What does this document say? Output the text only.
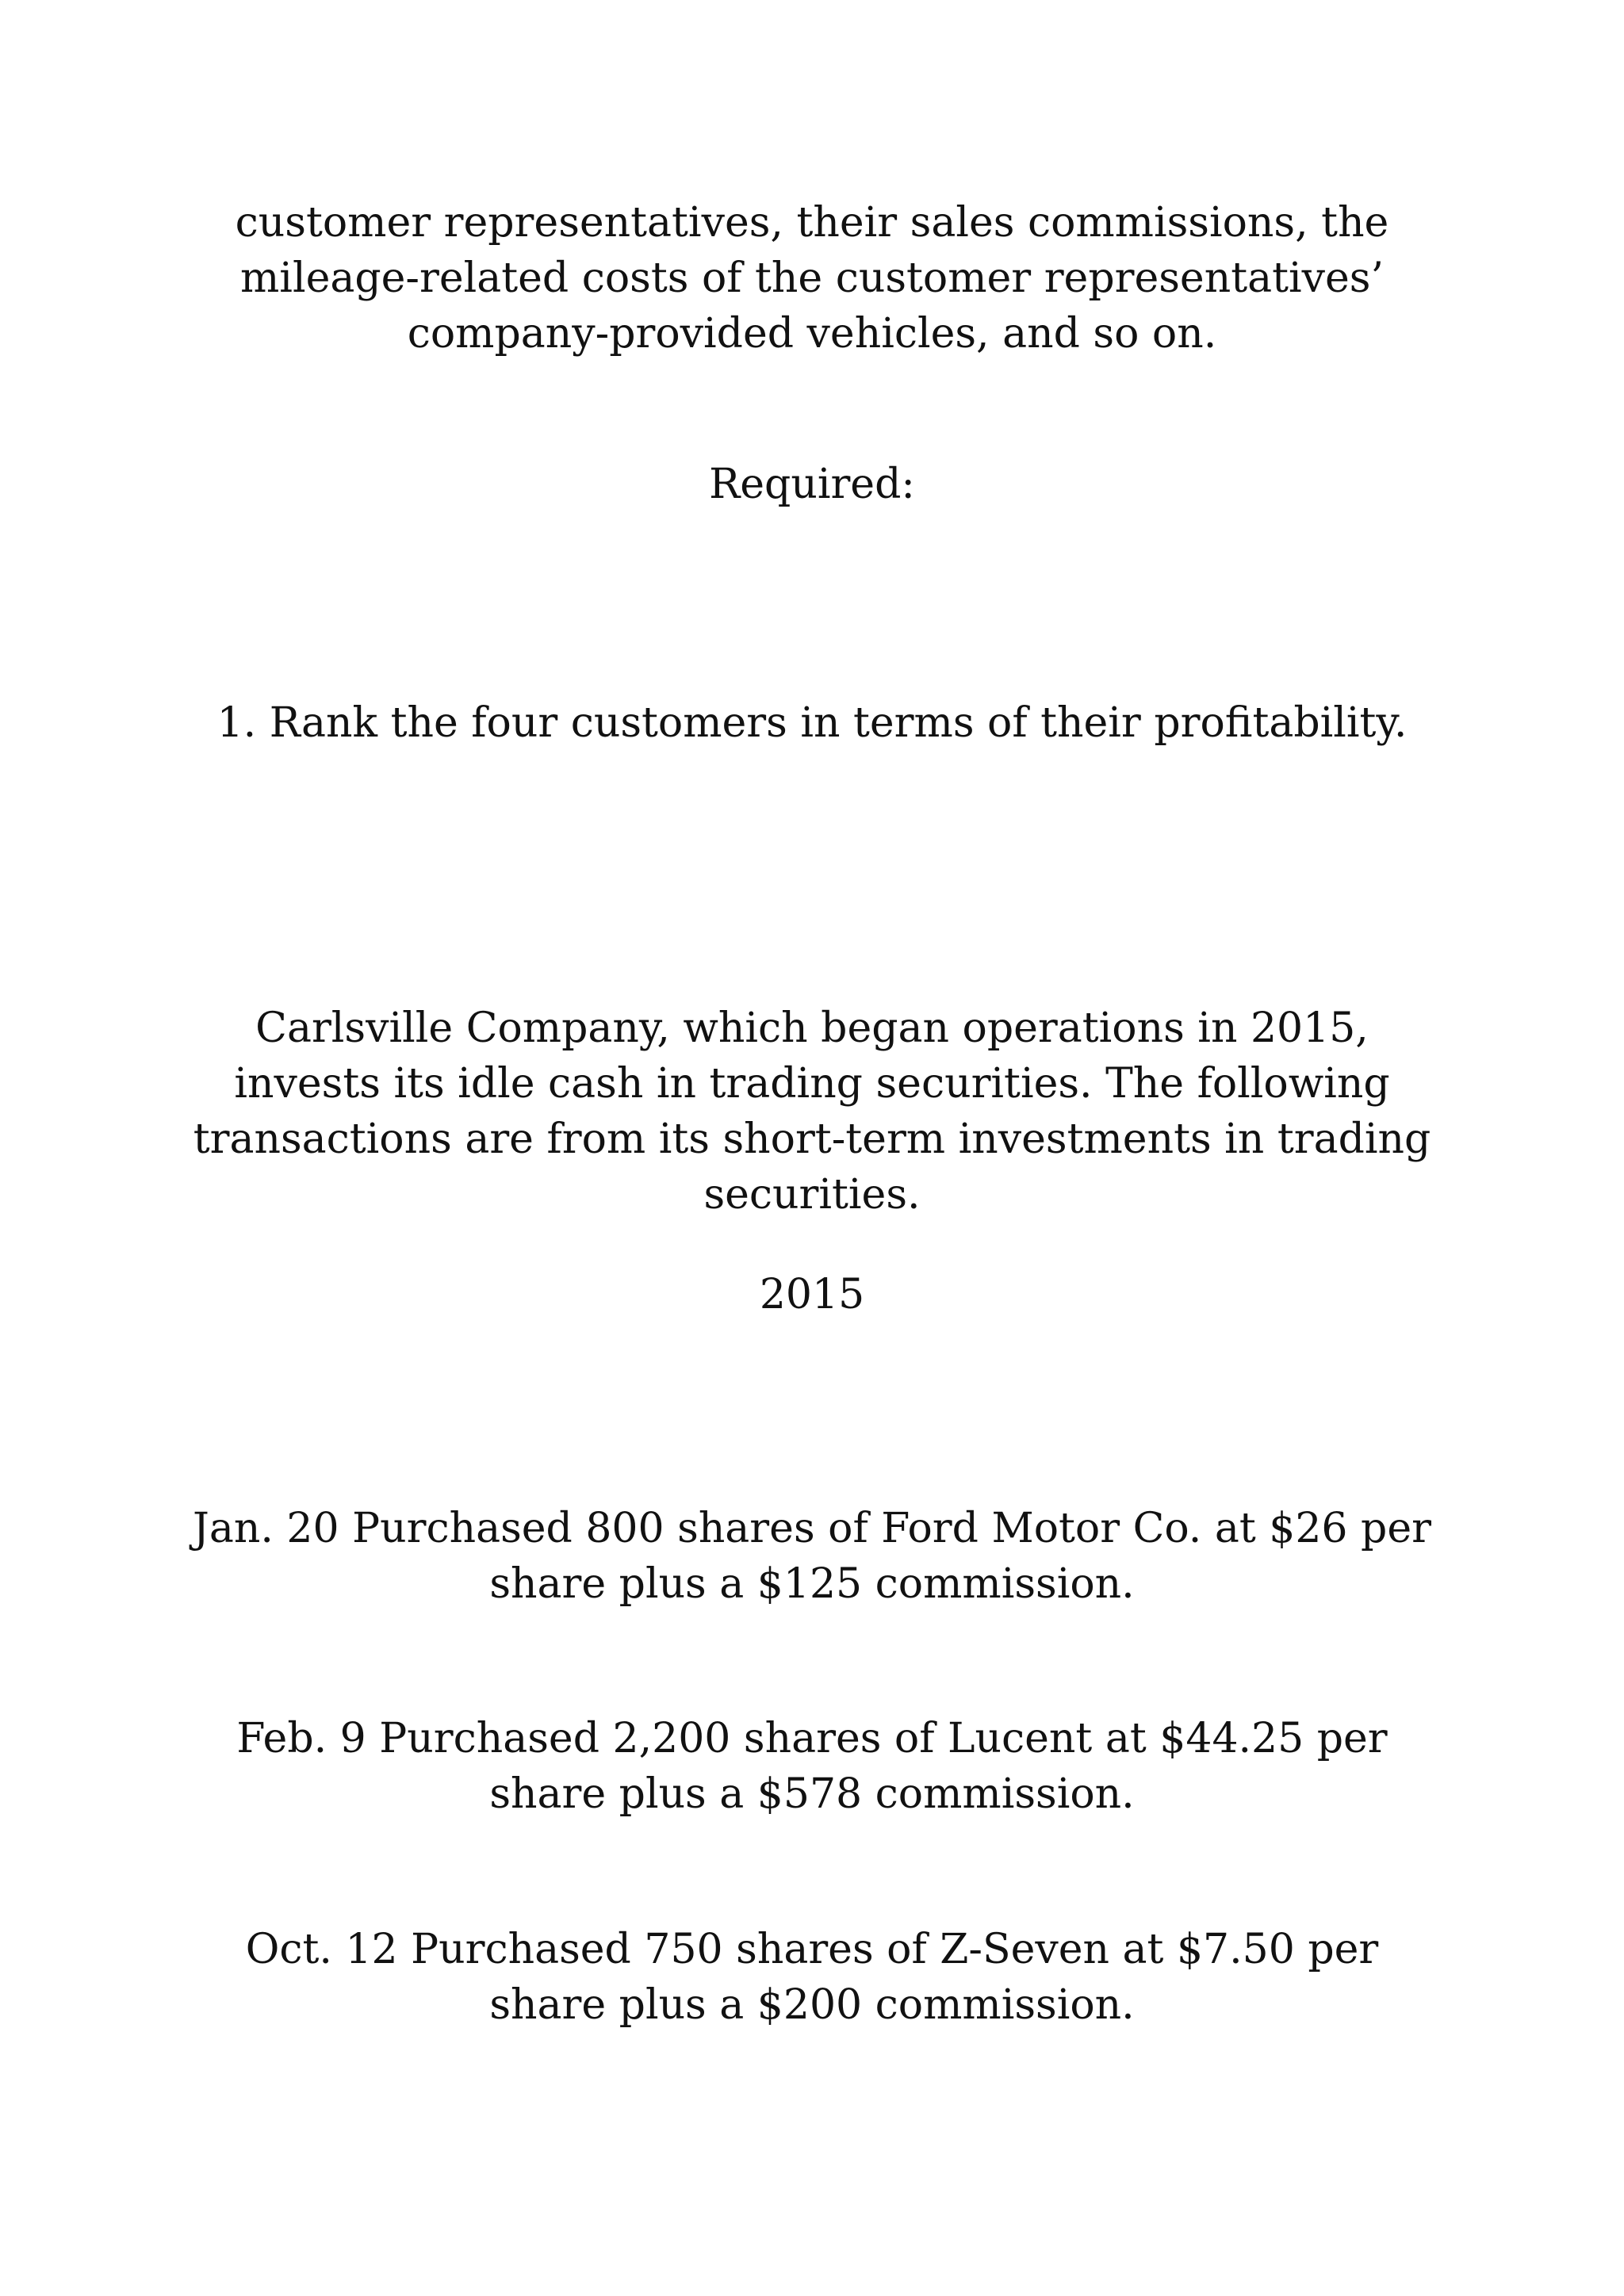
customer representatives, their sales commissions, the mileage-related costs of the customer representatives’ company-provided vehicles, and so on.

Required:

1. Rank the four customers in terms of their profitability.

Carlsville Company, which began operations in 2015, invests its idle cash in trading securities. The following transactions are from its short-term investments in trading securities.

2015

Jan. 20 Purchased 800 shares of Ford Motor Co. at $26 per share plus a $125 commission.

Feb. 9 Purchased 2,200 shares of Lucent at $44.25 per share plus a $578 commission.

Oct. 12 Purchased 750 shares of Z-Seven at $7.50 per share plus a $200 commission.
